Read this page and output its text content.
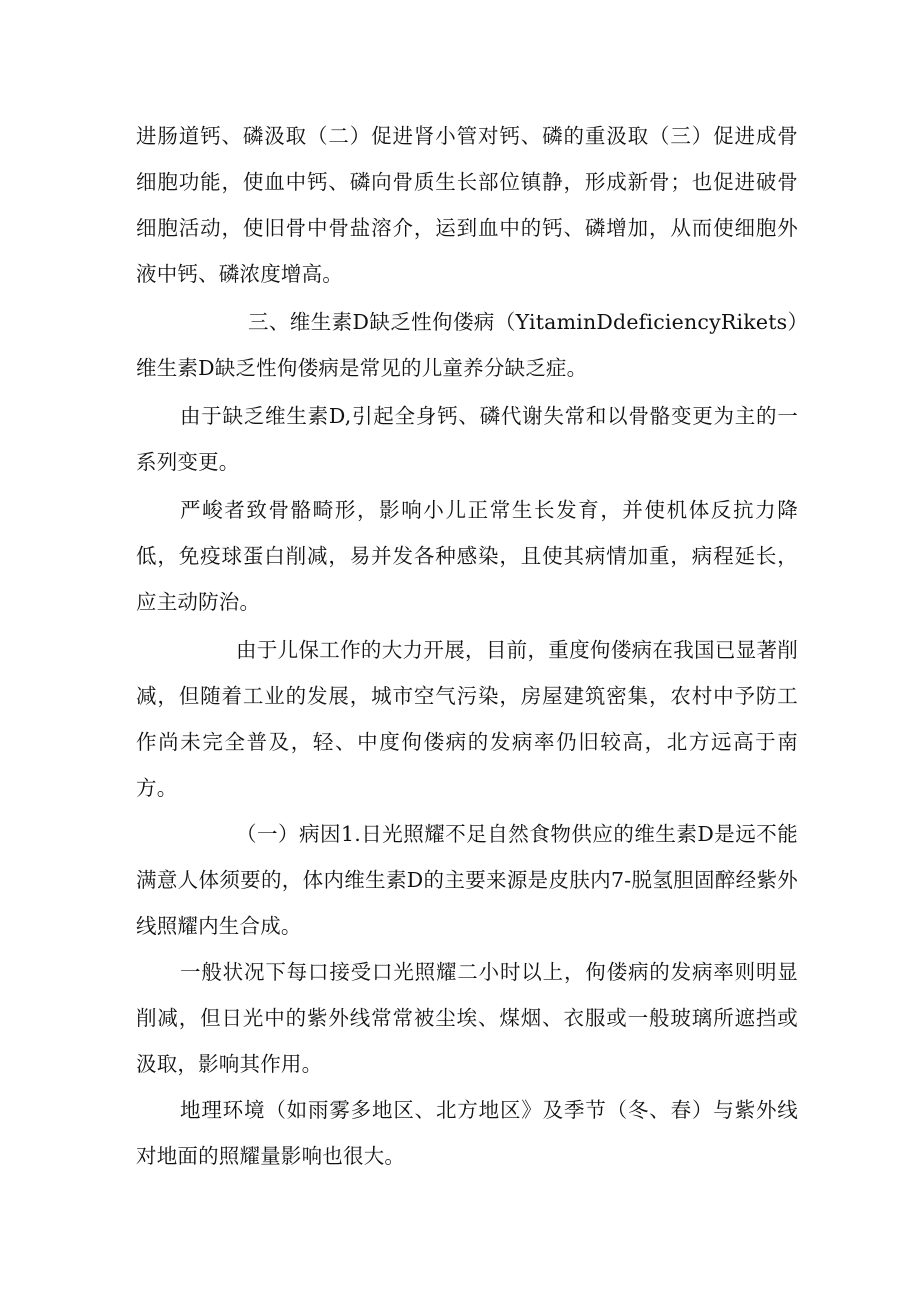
进肠道钙、磷汲取（二）促进肾小管对钙、磷的重汲取（三）促进成骨细胞功能，使血中钙、磷向骨质生长部位镇静，形成新骨；也促进破骨细胞活动，使旧骨中骨盐溶介，运到血中的钙、磷增加，从而使细胞外液中钙、磷浓度增高。

三、维生素D缺乏性佝偻病（YitaminDdeficiencyRikets）维生素D缺乏性佝偻病是常见的儿童养分缺乏症。

由于缺乏维生素D,引起全身钙、磷代谢失常和以骨骼变更为主的一系列变更。

严峻者致骨骼畸形，影响小儿正常生长发育，并使机体反抗力降低，免疫球蛋白削减，易并发各种感染，且使其病情加重，病程延长，应主动防治。

由于儿保工作的大力开展，目前，重度佝偻病在我国已显著削减，但随着工业的发展，城市空气污染，房屋建筑密集，农村中予防工作尚未完全普及，轻、中度佝偻病的发病率仍旧较高，北方远高于南方。

（一）病因1.日光照耀不足自然食物供应的维生素D是远不能满意人体须要的，体内维生素D的主要来源是皮肤内7-脱氢胆固醉经紫外线照耀内生合成。

一般状况下每口接受口光照耀二小时以上，佝偻病的发病率则明显削减，但日光中的紫外线常常被尘埃、煤烟、衣服或一般玻璃所遮挡或汲取，影响其作用。

地理环境（如雨雾多地区、北方地区》及季节（冬、春）与紫外线对地面的照耀量影响也很大。
